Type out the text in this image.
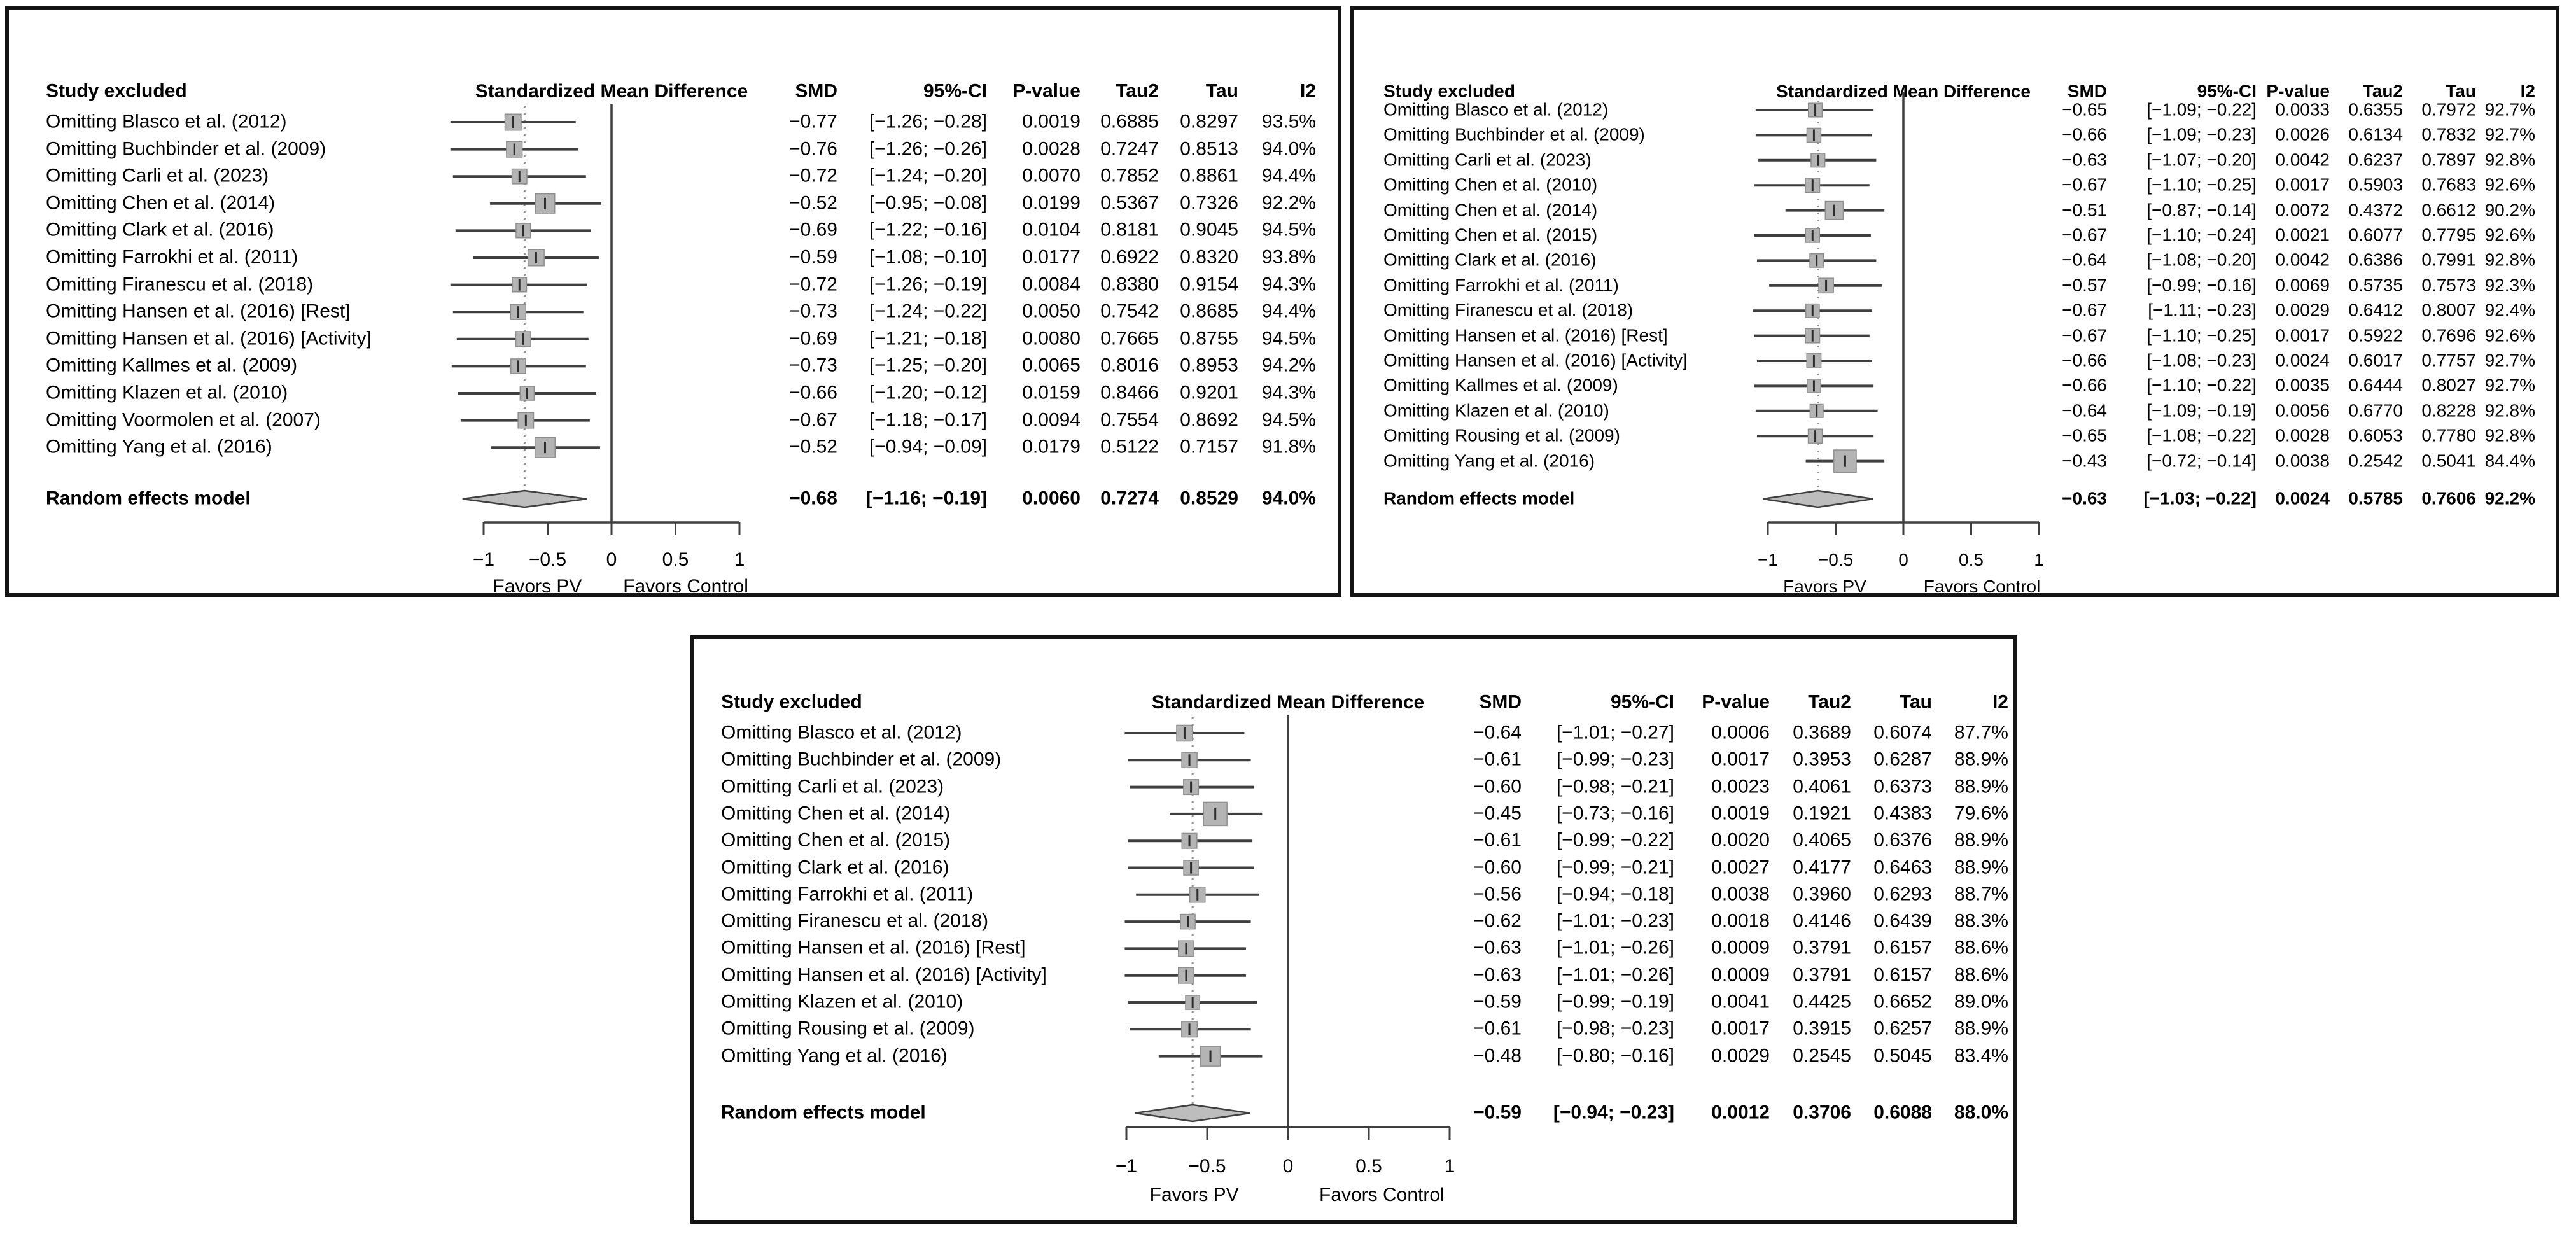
Study excluded	Standardized Mean Difference	SMD	95%-CI	P-value	Tau2	Tau	I2
Omitting Blasco et al. (2012)	−0.77	[−1.26; −0.28]	0.0019	0.6885	0.8297	93.5%
Omitting Buchbinder et al. (2009)	−0.76	[−1.26; −0.26]	0.0028	0.7247	0.8513	94.0%
Omitting Carli et al. (2023)	−0.72	[−1.24; −0.20]	0.0070	0.7852	0.8861	94.4%
Omitting Chen et al. (2014)	−0.52	[−0.95; −0.08]	0.0199	0.5367	0.7326	92.2%
Omitting Clark et al. (2016)	−0.69	[−1.22; −0.16]	0.0104	0.8181	0.9045	94.5%
Omitting Farrokhi et al. (2011)	−0.59	[−1.08; −0.10]	0.0177	0.6922	0.8320	93.8%
Omitting Firanescu et al. (2018)	−0.72	[−1.26; −0.19]	0.0084	0.8380	0.9154	94.3%
Omitting Hansen et al. (2016) [Rest]	−0.73	[−1.24; −0.22]	0.0050	0.7542	0.8685	94.4%
Omitting Hansen et al. (2016) [Activity]	−0.69	[−1.21; −0.18]	0.0080	0.7665	0.8755	94.5%
Omitting Kallmes et al. (2009)	−0.73	[−1.25; −0.20]	0.0065	0.8016	0.8953	94.2%
Omitting Klazen et al. (2010)	−0.66	[−1.20; −0.12]	0.0159	0.8466	0.9201	94.3%
Omitting Voormolen et al. (2007)	−0.67	[−1.18; −0.17]	0.0094	0.7554	0.8692	94.5%
Omitting Yang et al. (2016)	−0.52	[−0.94; −0.09]	0.0179	0.5122	0.7157	91.8%
Random effects model	−0.68	[−1.16; −0.19]	0.0060	0.7274	0.8529	94.0%
−1 −0.5 0 0.5 1
Favors PV Favors Control
Study excluded	Standardized Mean Difference	SMD	95%-CI P-value	Tau2	Tau	I2
Omitting Blasco et al. (2012)	−0.65	[−1.09; −0.22]	0.0033	0.6355	0.7972 92.7%
Omitting Buchbinder et al. (2009)	−0.66	[−1.09; −0.23]	0.0026	0.6134	0.7832 92.7%
Omitting Carli et al. (2023)	−0.63	[−1.07; −0.20]	0.0042	0.6237	0.7897 92.8%
Omitting Chen et al. (2010)	−0.67	[−1.10; −0.25]	0.0017	0.5903	0.7683 92.6%
Omitting Chen et al. (2014)	−0.51	[−0.87; −0.14]	0.0072	0.4372	0.6612 90.2%
Omitting Chen et al. (2015)	−0.67	[−1.10; −0.24]	0.0021	0.6077	0.7795 92.6%
Omitting Clark et al. (2016)	−0.64	[−1.08; −0.20]	0.0042	0.6386	0.7991 92.8%
Omitting Farrokhi et al. (2011)	−0.57	[−0.99; −0.16]	0.0069	0.5735	0.7573 92.3%
Omitting Firanescu et al. (2018)	−0.67	[−1.11; −0.23]	0.0029	0.6412	0.8007 92.4%
Omitting Hansen et al. (2016) [Rest]	−0.67	[−1.10; −0.25]	0.0017	0.5922	0.7696 92.6%
Omitting Hansen et al. (2016) [Activity]	−0.66	[−1.08; −0.23]	0.0024	0.6017	0.7757 92.7%
Omitting Kallmes et al. (2009)	−0.66	[−1.10; −0.22]	0.0035	0.6444	0.8027 92.7%
Omitting Klazen et al. (2010)	−0.64	[−1.09; −0.19]	0.0056	0.6770	0.8228 92.8%
Omitting Rousing et al. (2009)	−0.65	[−1.08; −0.22]	0.0028	0.6053	0.7780 92.8%
Omitting Yang et al. (2016)	−0.43	[−0.72; −0.14]	0.0038	0.2542	0.5041 84.4%
Random effects model	−0.63	[−1.03; −0.22]	0.0024	0.5785	0.7606 92.2%
−1 −0.5	0	0.5	1
Favors PV	Favors Control
Study excluded	Standardized Mean Difference	SMD	95%-CI	P-value	Tau2	Tau	I2
Omitting Blasco et al. (2012)	−0.64	[−1.01; −0.27]	0.0006	0.3689	0.6074	87.7%
Omitting Buchbinder et al. (2009)	−0.61	[−0.99; −0.23]	0.0017	0.3953	0.6287	88.9%
Omitting Carli et al. (2023)	−0.60	[−0.98; −0.21]	0.0023	0.4061	0.6373	88.9%
Omitting Chen et al. (2014)	−0.45	[−0.73; −0.16]	0.0019	0.1921	0.4383	79.6%
Omitting Chen et al. (2015)	−0.61	[−0.99; −0.22]	0.0020	0.4065	0.6376	88.9%
Omitting Clark et al. (2016)	−0.60	[−0.99; −0.21]	0.0027	0.4177	0.6463	88.9%
Omitting Farrokhi et al. (2011)	−0.56	[−0.94; −0.18]	0.0038	0.3960	0.6293	88.7%
Omitting Firanescu et al. (2018)	−0.62	[−1.01; −0.23]	0.0018	0.4146	0.6439	88.3%
Omitting Hansen et al. (2016) [Rest]	−0.63	[−1.01; −0.26]	0.0009	0.3791	0.6157	88.6%
Omitting Hansen et al. (2016) [Activity]	−0.63	[−1.01; −0.26]	0.0009	0.3791	0.6157	88.6%
Omitting Klazen et al. (2010)	−0.59	[−0.99; −0.19]	0.0041	0.4425	0.6652	89.0%
Omitting Rousing et al. (2009)	−0.61	[−0.98; −0.23]	0.0017	0.3915	0.6257	88.9%
Omitting Yang et al. (2016)	−0.48	[−0.80; −0.16]	0.0029	0.2545	0.5045	83.4%
Random effects model	−0.59	[−0.94; −0.23]	0.0012	0.3706	0.6088	88.0%
−1	−0.5	0	0.5	1
Favors PV	Favors Control
